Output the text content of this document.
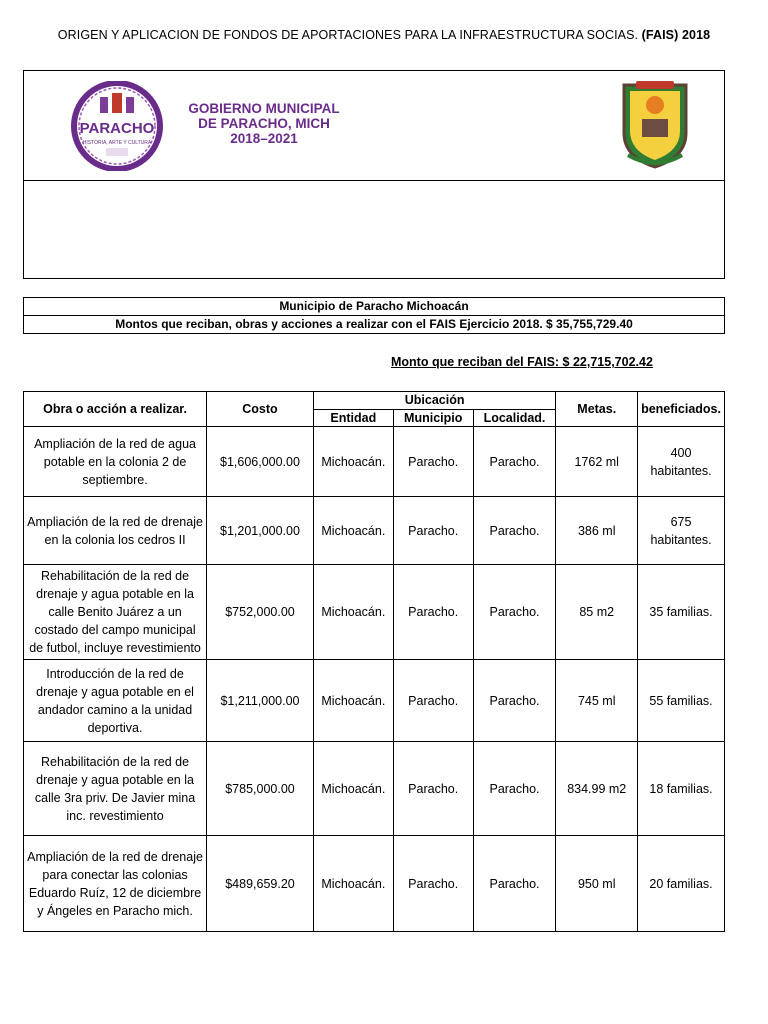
ORIGEN Y APLICACION DE FONDOS DE APORTACIONES PARA LA INFRAESTRUCTURA SOCIAS. (FAIS) 2018
PARACHO
HISTORIA, ARTE Y CULTURA
GOBIERNO MUNICIPAL
DE PARACHO, MICH
2018–2021
Municipio de Paracho Michoacán
Montos que reciban, obras y acciones a realizar con el FAIS Ejercicio 2018. $ 35,755,729.40
Monto que reciban del FAIS: $ 22,715,702.42
Obra o acción a realizar.	Costo	Ubicación			Metas.	beneficiados.
		Entidad	Municipio	Localidad.		
Ampliación de la red de agua potable en la colonia 2 de septiembre.	$1,606,000.00	Michoacán.	Paracho.	Paracho.	1762 ml	400 habitantes.
Ampliación de la red de drenaje en la colonia los cedros II	$1,201,000.00	Michoacán.	Paracho.	Paracho.	386 ml	675 habitantes.
Rehabilitación de la red de drenaje y agua potable en la calle Benito Juárez a un costado del campo municipal de futbol, incluye revestimiento	$752,000.00	Michoacán.	Paracho.	Paracho.	85 m2	35 familias.
Introducción de la red de drenaje y agua potable en el andador camino a la unidad deportiva.	$1,211,000.00	Michoacán.	Paracho.	Paracho.	745 ml	55 familias.
Rehabilitación de la red de drenaje y agua potable en la calle 3ra priv. De Javier mina inc. revestimiento	$785,000.00	Michoacán.	Paracho.	Paracho.	834.99 m2	18 familias.
Ampliación de la red de drenaje para conectar las colonias Eduardo Ruíz, 12 de diciembre y Ángeles en Paracho mich.	$489,659.20	Michoacán.	Paracho.	Paracho.	950 ml	20 familias.
